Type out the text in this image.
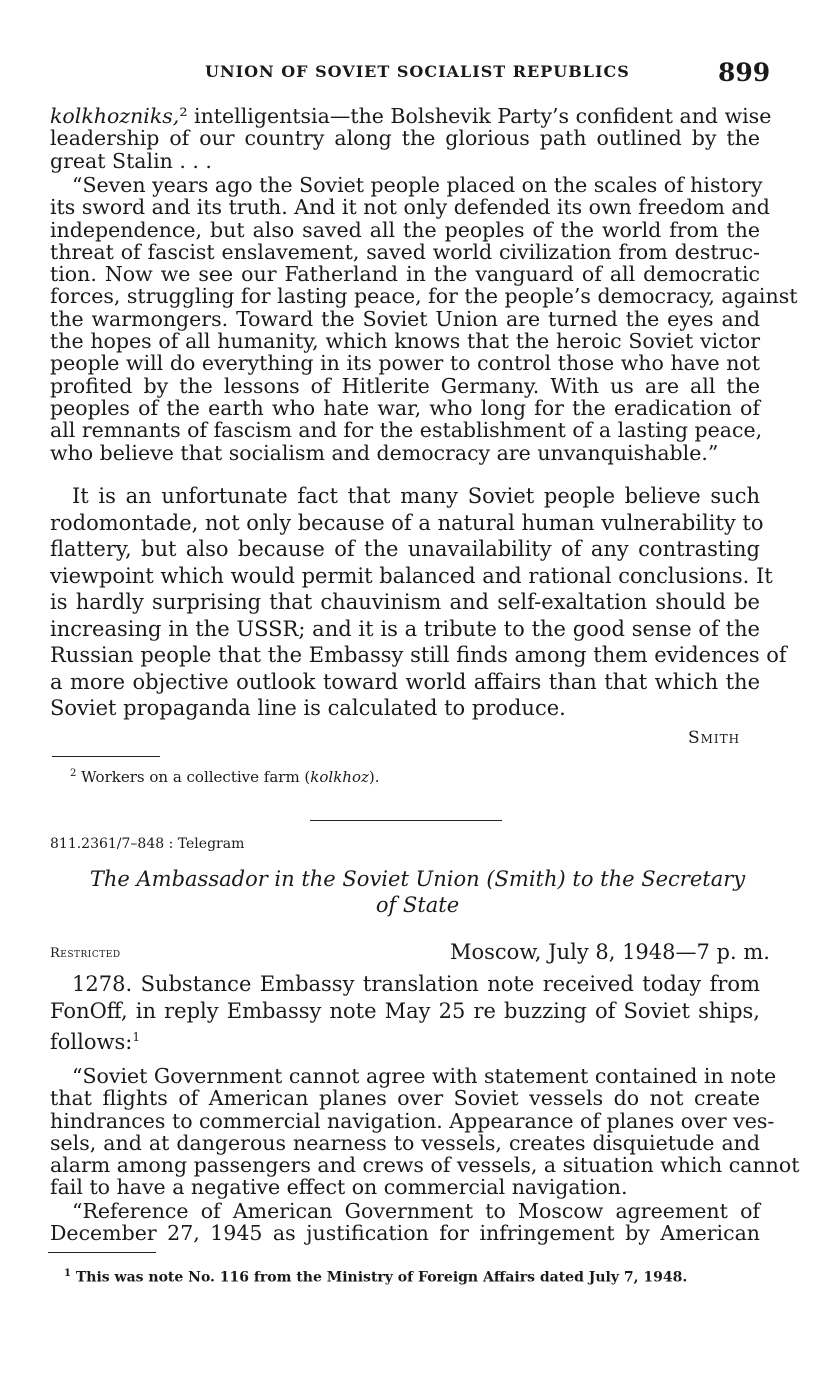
UNION OF SOVIET SOCIALIST REPUBLICS	899
kolkhozniks,² intelligentsia—the Bolshevik Party’s confident and wise
leadership of our country along the glorious path outlined by the
great Stalin . . .
“Seven years ago the Soviet people placed on the scales of history
its sword and its truth. And it not only defended its own freedom and
independence, but also saved all the peoples of the world from the
threat of fascist enslavement, saved world civilization from destruc-
tion. Now we see our Fatherland in the vanguard of all democratic
forces, struggling for lasting peace, for the people’s democracy, against
the warmongers. Toward the Soviet Union are turned the eyes and
the hopes of all humanity, which knows that the heroic Soviet victor
people will do everything in its power to control those who have not
profited by the lessons of Hitlerite Germany. With us are all the
peoples of the earth who hate war, who long for the eradication of
all remnants of fascism and for the establishment of a lasting peace,
who believe that socialism and democracy are unvanquishable.”
It is an unfortunate fact that many Soviet people believe such
rodomontade, not only because of a natural human vulnerability to
flattery, but also because of the unavailability of any contrasting
viewpoint which would permit balanced and rational conclusions. It
is hardly surprising that chauvinism and self-exaltation should be
increasing in the USSR; and it is a tribute to the good sense of the
Russian people that the Embassy still finds among them evidences of
a more objective outlook toward world affairs than that which the
Soviet propaganda line is calculated to produce.
Smith
$^2$ Workers on a collective farm (kolkhoz).
811.2361/7–848 : Telegram
The Ambassador in the Soviet Union (Smith) to the Secretary
of State
Restricted	Moscow, July 8, 1948—7 p. m.
1278. Substance Embassy translation note received today from
FonOff, in reply Embassy note May 25 re buzzing of Soviet ships,
follows:$^1$
“Soviet Government cannot agree with statement contained in note
that flights of American planes over Soviet vessels do not create
hindrances to commercial navigation. Appearance of planes over ves-
sels, and at dangerous nearness to vessels, creates disquietude and
alarm among passengers and crews of vessels, a situation which cannot
fail to have a negative effect on commercial navigation.
“Reference of American Government to Moscow agreement of
December 27, 1945 as justification for infringement by American
$^1$ This was note No. 116 from the Ministry of Foreign Affairs dated July 7, 1948.
